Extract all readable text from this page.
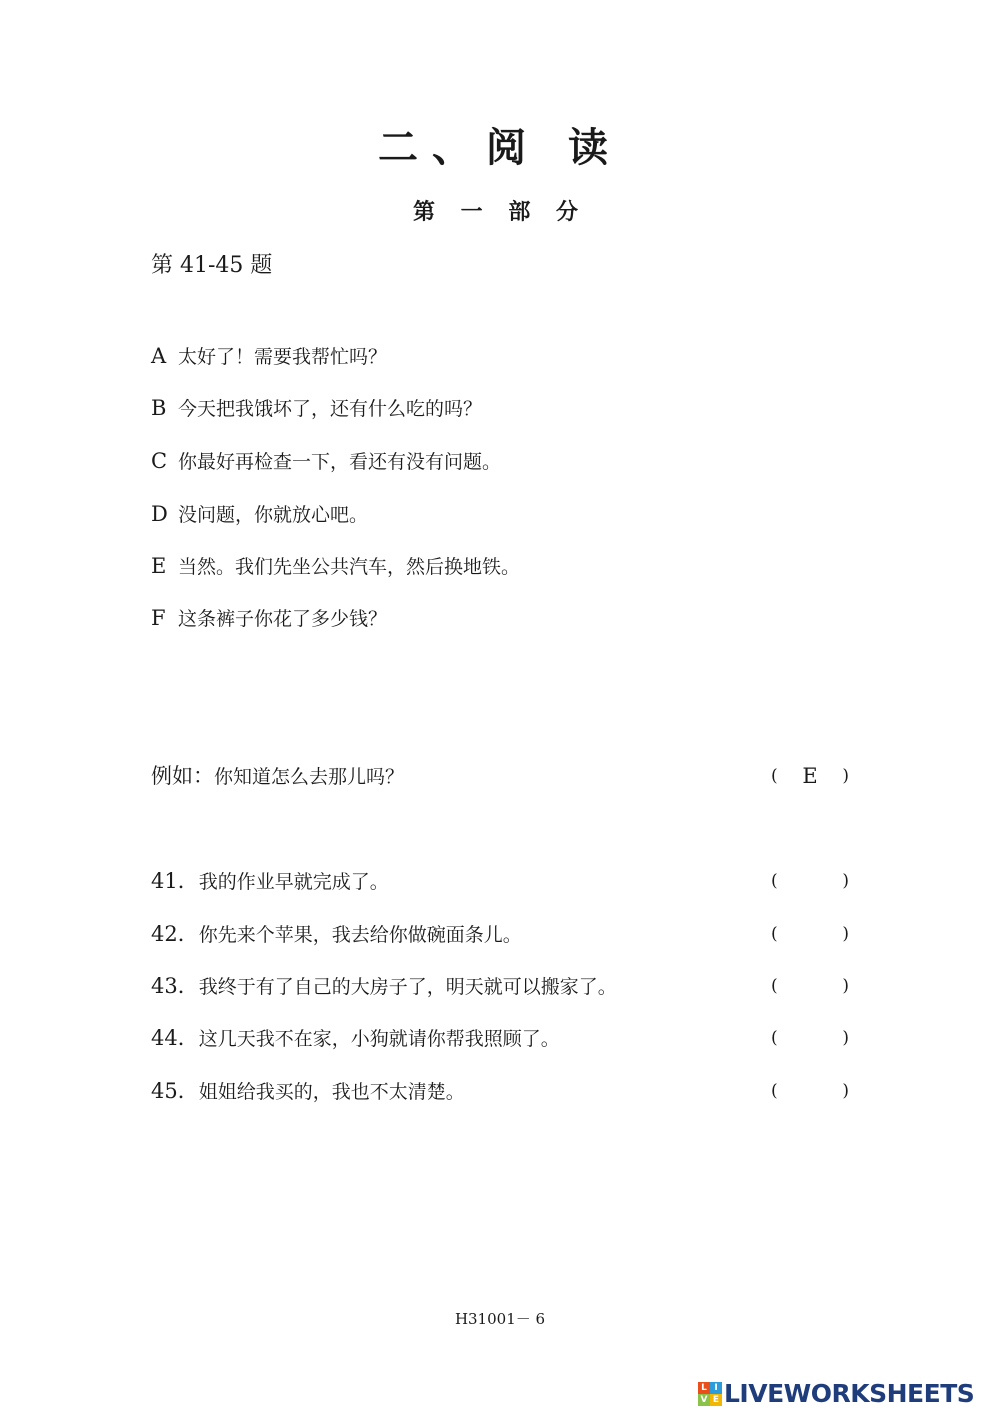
二、阅 读
第 一 部 分
第 41-45 题
A 太好了！需要我帮忙吗？
B 今天把我饿坏了，还有什么吃的吗？
C 你最好再检查一下，看还有没有问题。
D 没问题，你就放心吧。
E 当然。我们先坐公共汽车，然后换地铁。
F 这条裤子你花了多少钱？
例如：你知道怎么去那儿吗？	(	E	)
41．我的作业早就完成了。	(	)
42．你先来个苹果，我去给你做碗面条儿。	(	)
43．我终于有了自己的大房子了，明天就可以搬家了。	(	)
44．这几天我不在家，小狗就请你帮我照顾了。	(	)
45．姐姐给我买的，我也不太清楚。	(	)
H31001－ 6
L I
V E LIVEWORKSHEETS
